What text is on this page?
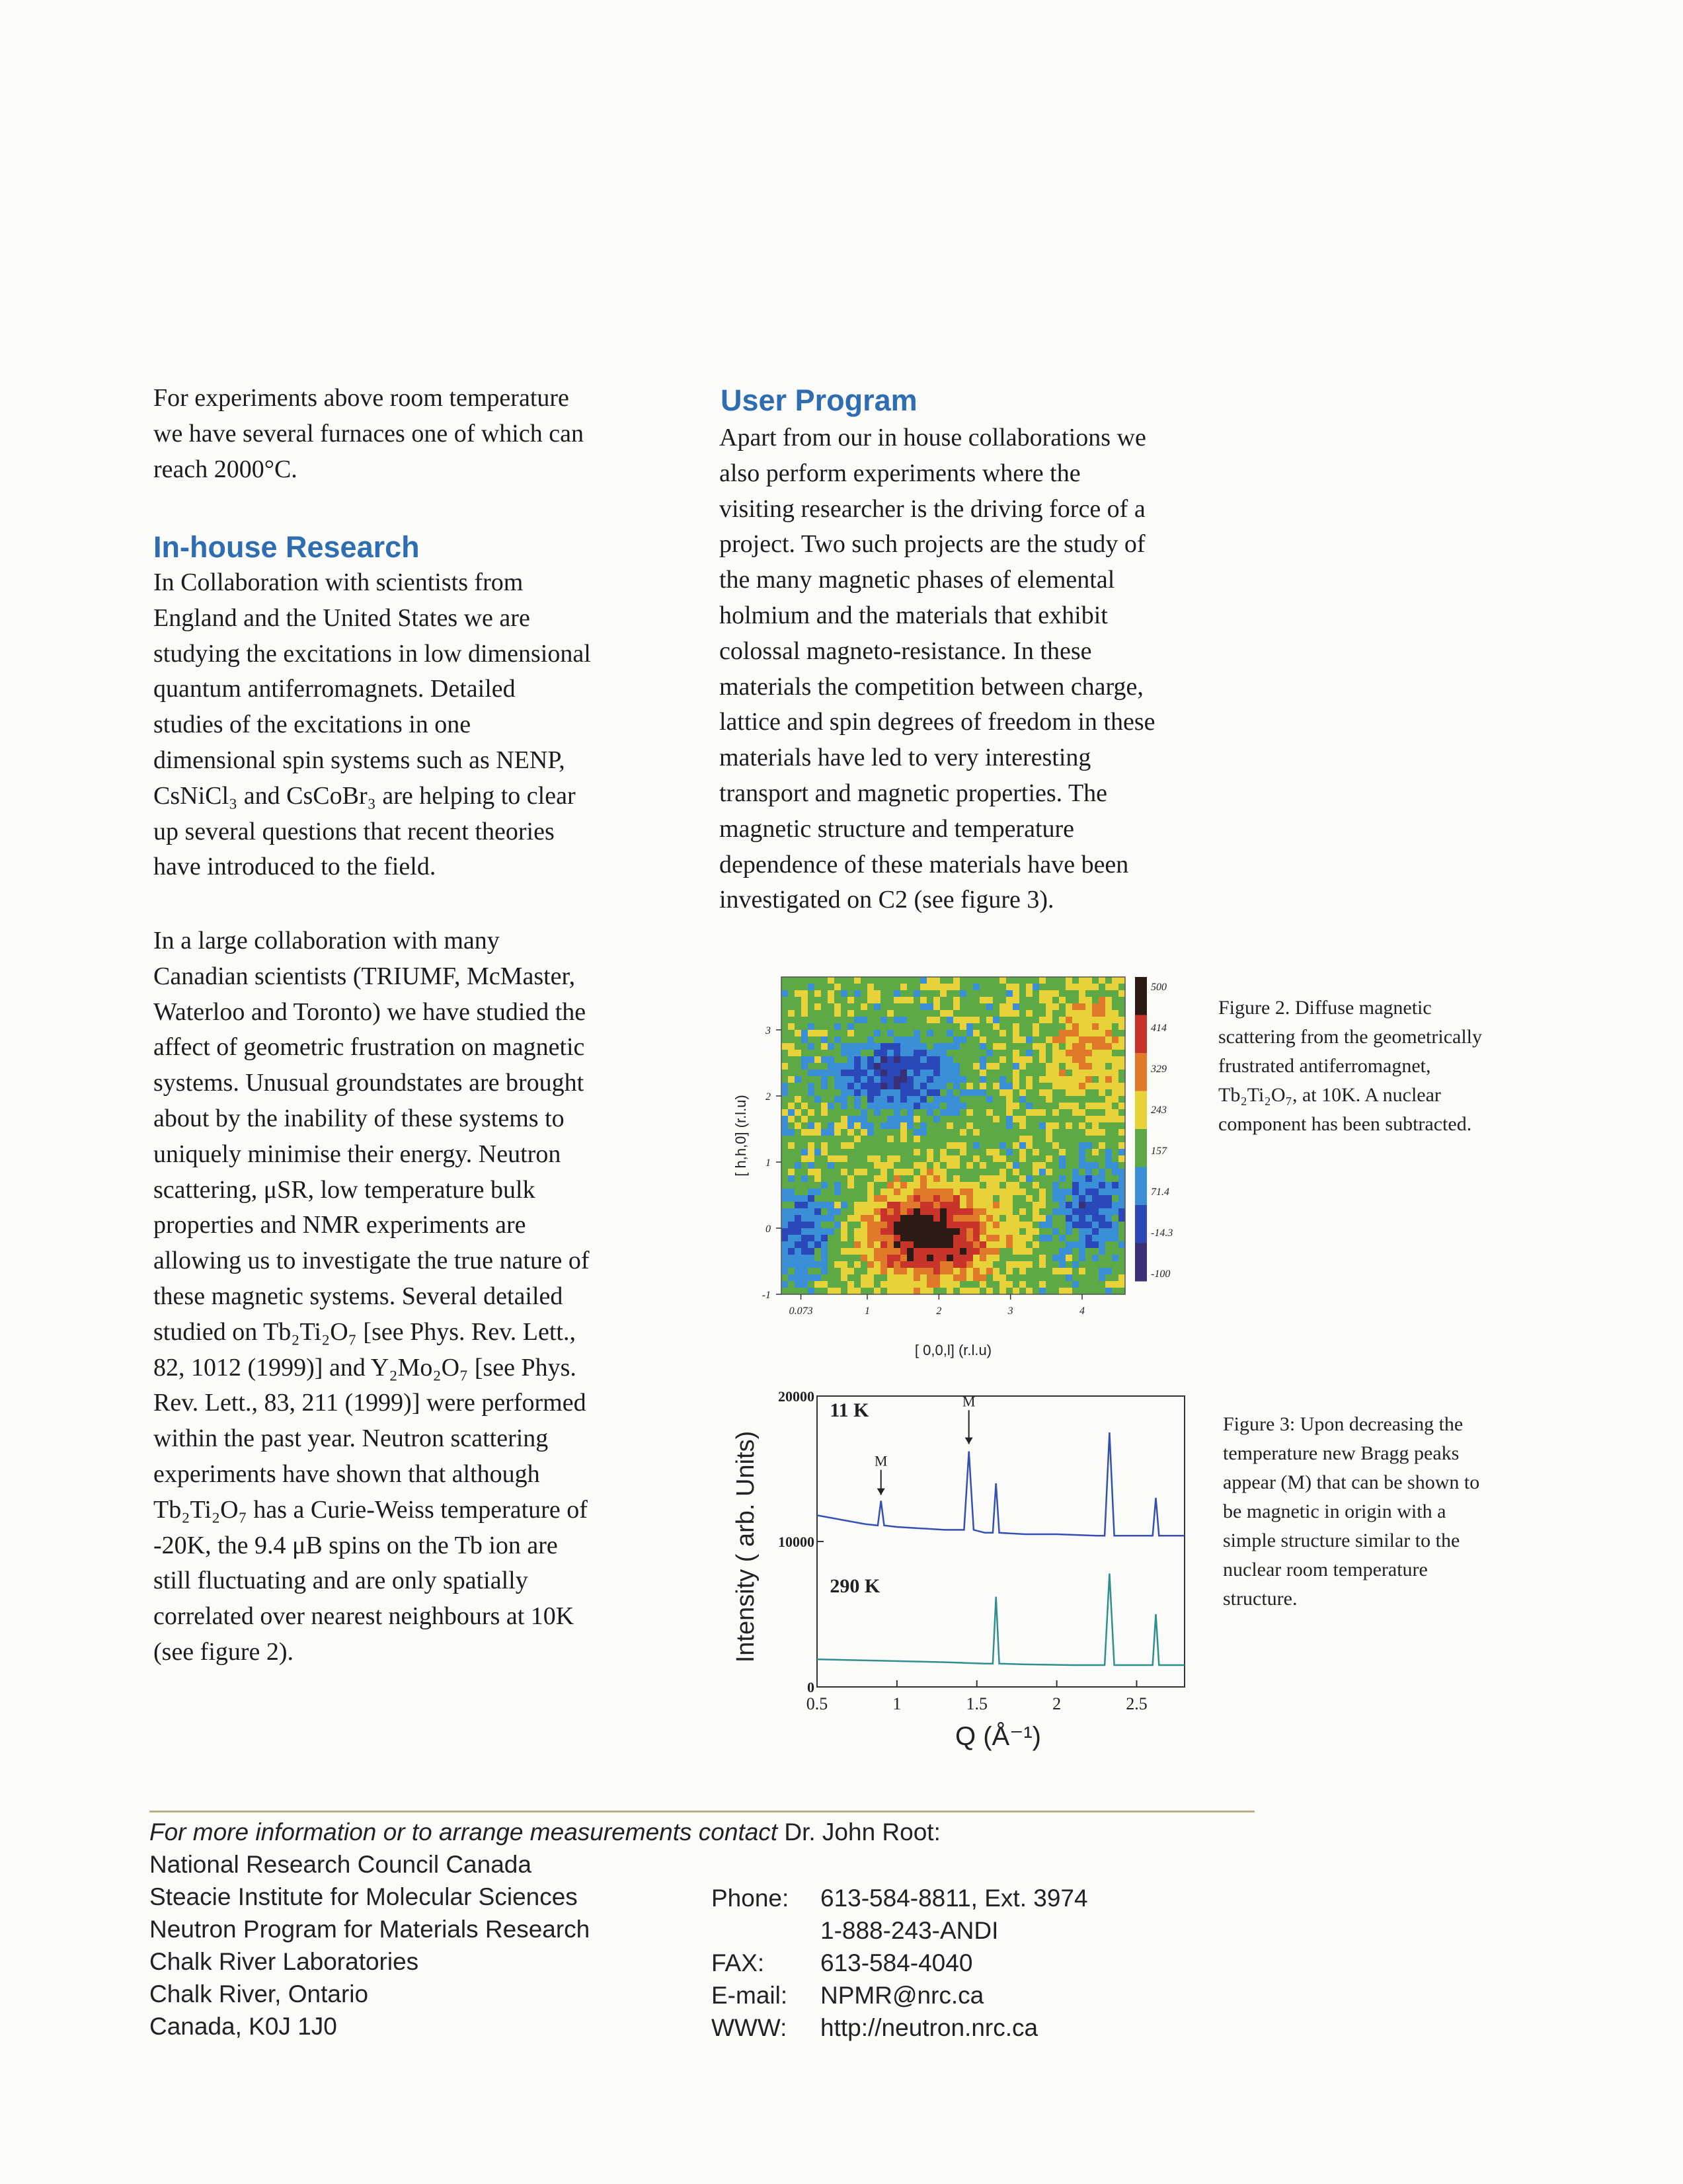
For experiments above room temperature

we have several furnaces one of which can

reach 2000°C.

In-house Research

In Collaboration with scientists from

England and the United States we are

studying the excitations in low dimensional

quantum antiferromagnets. Detailed

studies of the excitations in one

dimensional spin systems such as NENP,

CsNiCl₃ and CsCoBr₃ are helping to clear

up several questions that recent theories

have introduced to the field.

In a large collaboration with many

Canadian scientists (TRIUMF, McMaster,

Waterloo and Toronto) we have studied the

affect of geometric frustration on magnetic

systems. Unusual groundstates are brought

about by the inability of these systems to

uniquely minimise their energy. Neutron

scattering, μSR, low temperature bulk

properties and NMR experiments are

allowing us to investigate the true nature of

these magnetic systems. Several detailed

studied on Tb₂Ti₂O₇ [see Phys. Rev. Lett.,

82, 1012 (1999)] and Y₂Mo₂O₇ [see Phys.

Rev. Lett., 83, 211 (1999)] were performed

within the past year. Neutron scattering

experiments have shown that although

Tb₂Ti₂O₇ has a Curie-Weiss temperature of

-20K, the 9.4 μB spins on the Tb ion are

still fluctuating and are only spatially

correlated over nearest neighbours at 10K

(see figure 2).

User Program

Apart from our in house collaborations we

also perform experiments where the

visiting researcher is the driving force of a

project. Two such projects are the study of

the many magnetic phases of elemental

holmium and the materials that exhibit

colossal magneto-resistance. In these

materials the competition between charge,

lattice and spin degrees of freedom in these

materials have led to very interesting

transport and magnetic properties. The

magnetic structure and temperature

dependence of these materials have been

investigated on C2 (see figure 3).

500
414
329
243
157
71.4
-14.3
-100
0.073	1	2	3	4
-1
0
1
2
3
[ 0,0,l] (r.l.u)
[ h,h,0] (r.l.u)

Figure 2. Diffuse magnetic

scattering from the geometrically

frustrated antiferromagnet,

Tb₂Ti₂O₇, at 10K. A nuclear

component has been subtracted.

0.5	1	1.5	2	2.5
0
10000
20000
11 K
290 K
M
M
Q (Å⁻¹)
Intensity ( arb. Units)

Figure 3: Upon decreasing the

temperature new Bragg peaks

appear (M) that can be shown to

be magnetic in origin with a

simple structure similar to the

nuclear room temperature

structure.

For more information or to arrange measurements contact Dr. John Root:

National Research Council Canada

Steacie Institute for Molecular Sciences

Neutron Program for Materials Research

Chalk River Laboratories

Chalk River, Ontario

Canada, K0J 1J0

Phone:	613-584-8811, Ext. 3974
1-888-243-ANDI
FAX:	613-584-4040
E-mail:	NPMR@nrc.ca
WWW:	http://neutron.nrc.ca
